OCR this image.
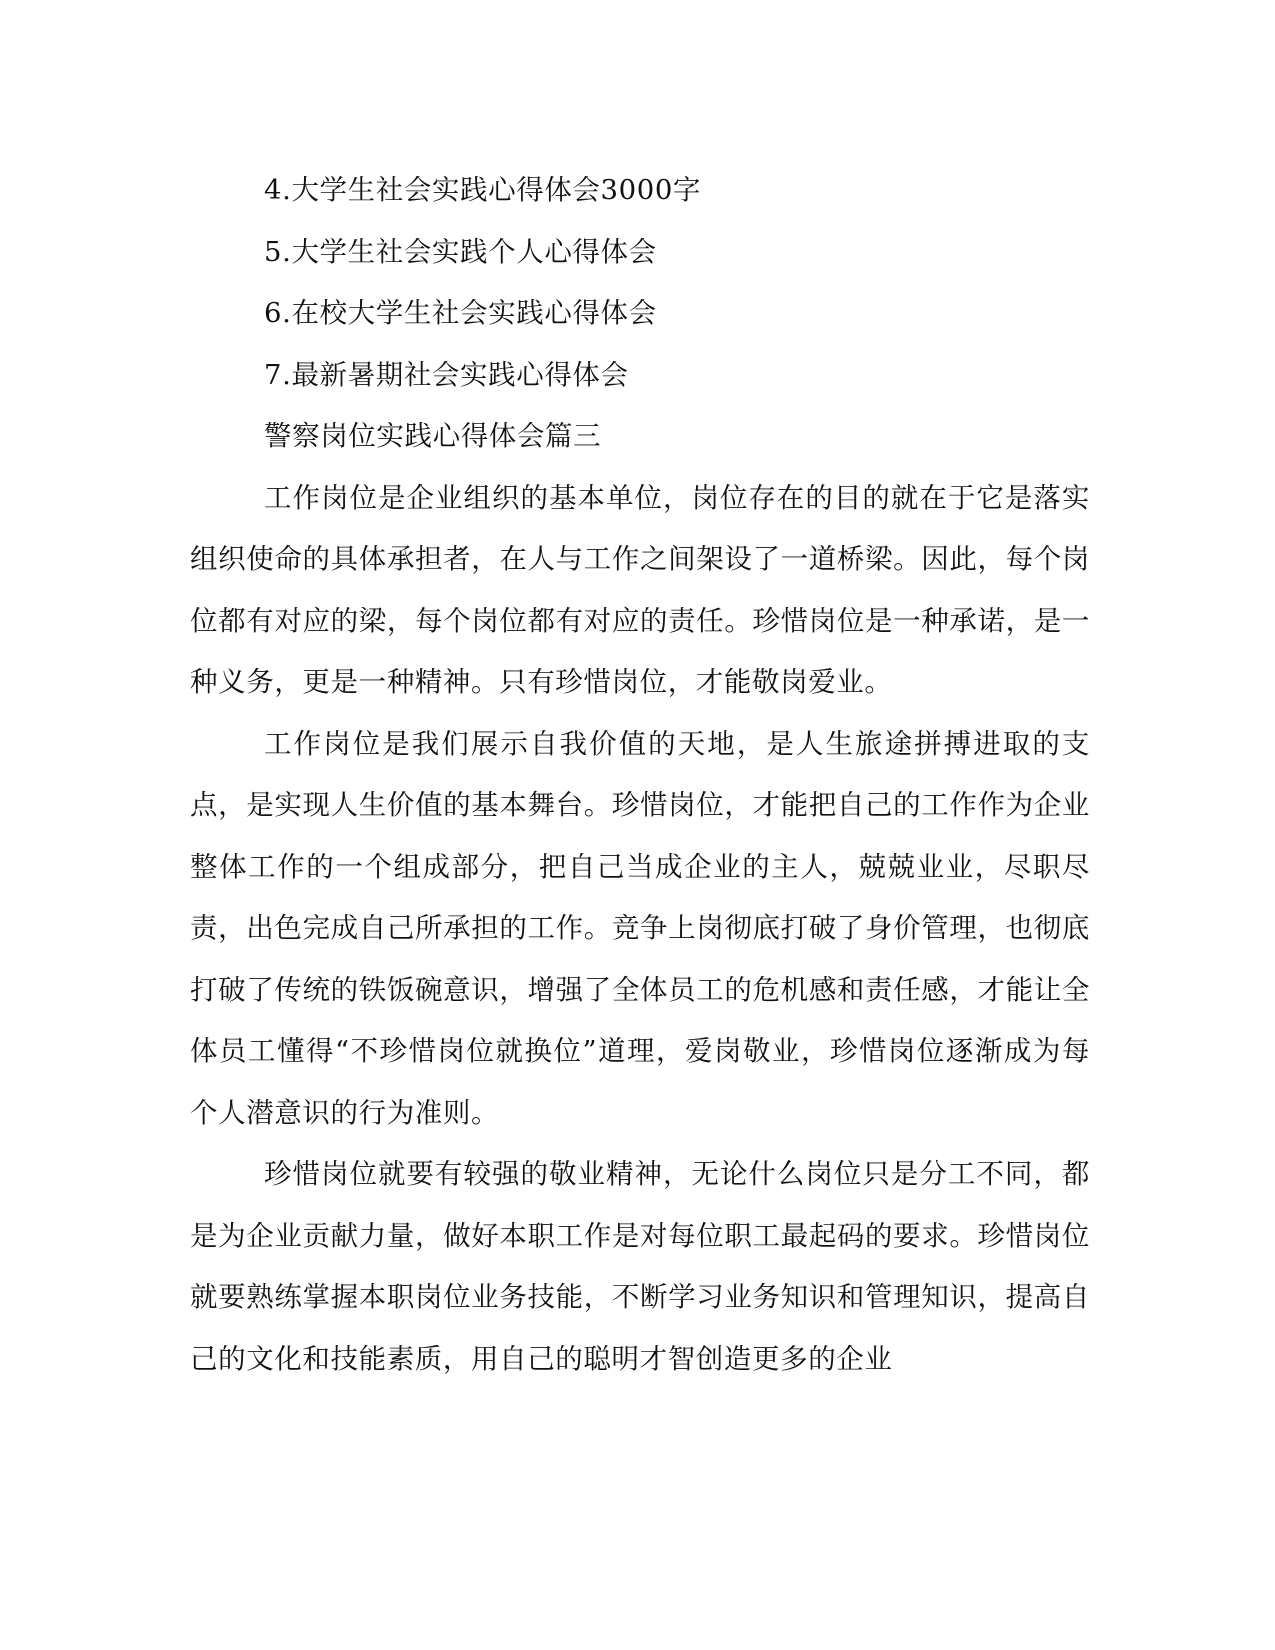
4.大学生社会实践心得体会3000字

5.大学生社会实践个人心得体会

6.在校大学生社会实践心得体会

7.最新暑期社会实践心得体会

警察岗位实践心得体会篇三

工作岗位是企业组织的基本单位，岗位存在的目的就在于它是落实组织使命的具体承担者，在人与工作之间架设了一道桥梁。因此，每个岗位都有对应的梁，每个岗位都有对应的责任。珍惜岗位是一种承诺，是一种义务，更是一种精神。只有珍惜岗位，才能敬岗爱业。

工作岗位是我们展示自我价值的天地，是人生旅途拼搏进取的支点，是实现人生价值的基本舞台。珍惜岗位，才能把自己的工作作为企业整体工作的一个组成部分，把自己当成企业的主人，兢兢业业，尽职尽责，出色完成自己所承担的工作。竞争上岗彻底打破了身价管理，也彻底打破了传统的铁饭碗意识，增强了全体员工的危机感和责任感，才能让全体员工懂得“不珍惜岗位就换位”道理，爱岗敬业，珍惜岗位逐渐成为每个人潜意识的行为准则。

珍惜岗位就要有较强的敬业精神，无论什么岗位只是分工不同，都是为企业贡献力量，做好本职工作是对每位职工最起码的要求。珍惜岗位就要熟练掌握本职岗位业务技能，不断学习业务知识和管理知识，提高自己的文化和技能素质，用自己的聪明才智创造更多的企业
